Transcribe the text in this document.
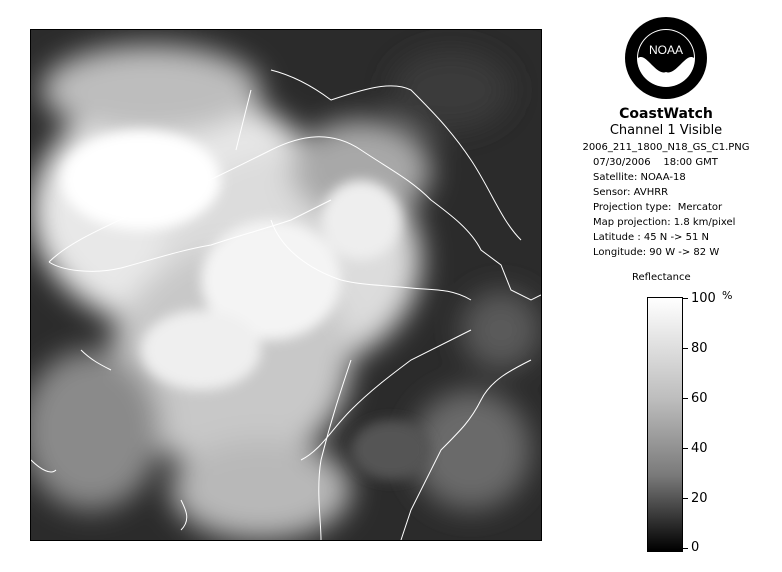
NOAA
CoastWatch
Channel 1 Visible
2006_211_1800_N18_GS_C1.PNG
07/30/2006    18:00 GMT
Satellite: NOAA-18
Sensor: AVHRR
Projection type:  Mercator
Map projection: 1.8 km/pixel
Latitude : 45 N -> 51 N
Longitude: 90 W -> 82 W
Reflectance
%
100
80
60
40
20
0
